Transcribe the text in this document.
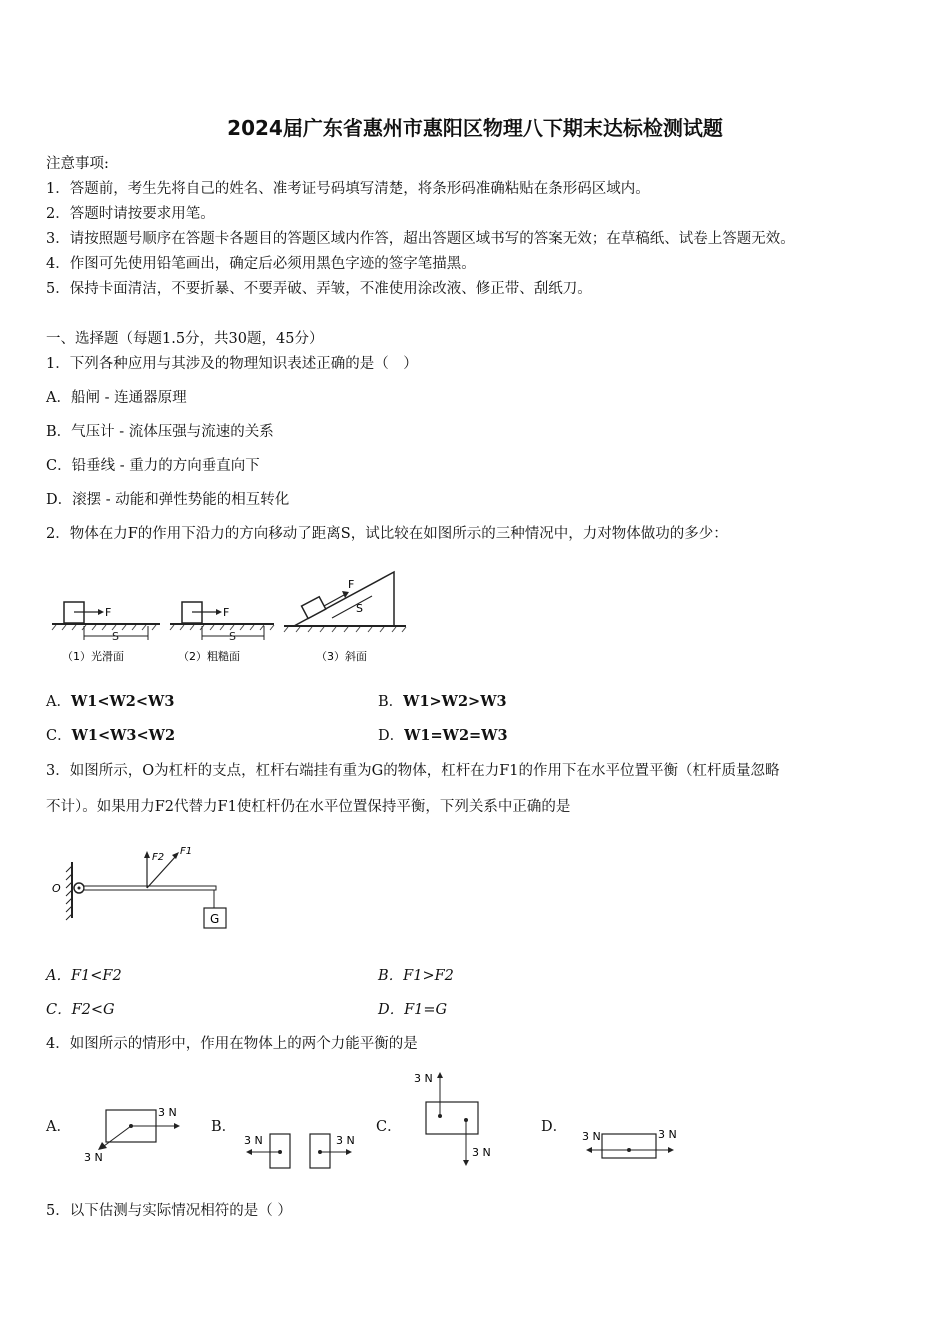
2024届广东省惠州市惠阳区物理八下期末达标检测试题
注意事项:
1．答题前，考生先将自己的姓名、准考证号码填写清楚，将条形码准确粘贴在条形码区域内。
2．答题时请按要求用笔。
3．请按照题号顺序在答题卡各题目的答题区域内作答，超出答题区域书写的答案无效；在草稿纸、试卷上答题无效。
4．作图可先使用铅笔画出，确定后必须用黑色字迹的签字笔描黑。
5．保持卡面清洁，不要折暴、不要弄破、弄皱，不准使用涂改液、修正带、刮纸刀。
一、选择题（每题1.5分，共30题，45分）
1．下列各种应用与其涉及的物理知识表述正确的是（　）
A．船闸 - 连通器原理
B．气压计 - 流体压强与流速的关系
C．铅垂线 - 重力的方向垂直向下
D．滚摆 - 动能和弹性势能的相互转化
2．物体在力F的作用下沿力的方向移动了距离S，试比较在如图所示的三种情况中，力对物体做功的多少：
F
S
（1）光滑面
F
S
（2）粗糙面
F
S
（3）斜面
A．W1<W2<W3	B．W1>W2>W3
C．W1<W3<W2	D．W1=W2=W3
3．如图所示，O为杠杆的支点，杠杆右端挂有重为G的物体，杠杆在力F1的作用下在水平位置平衡（杠杆质量忽略
不计）。如果用力F2代替力F1使杠杆仍在水平位置保持平衡，下列关系中正确的是
O
F2
F1
G
A．F1<F2	B．F1>F2
C．F2<G	D．F1=G
4．如图所示的情形中，作用在物体上的两个力能平衡的是
A．
3 N
3 N
B．
3 N	3 N
C．
3 N
3 N
D．
3 N	3 N
5．以下估测与实际情况相符的是（ ）
